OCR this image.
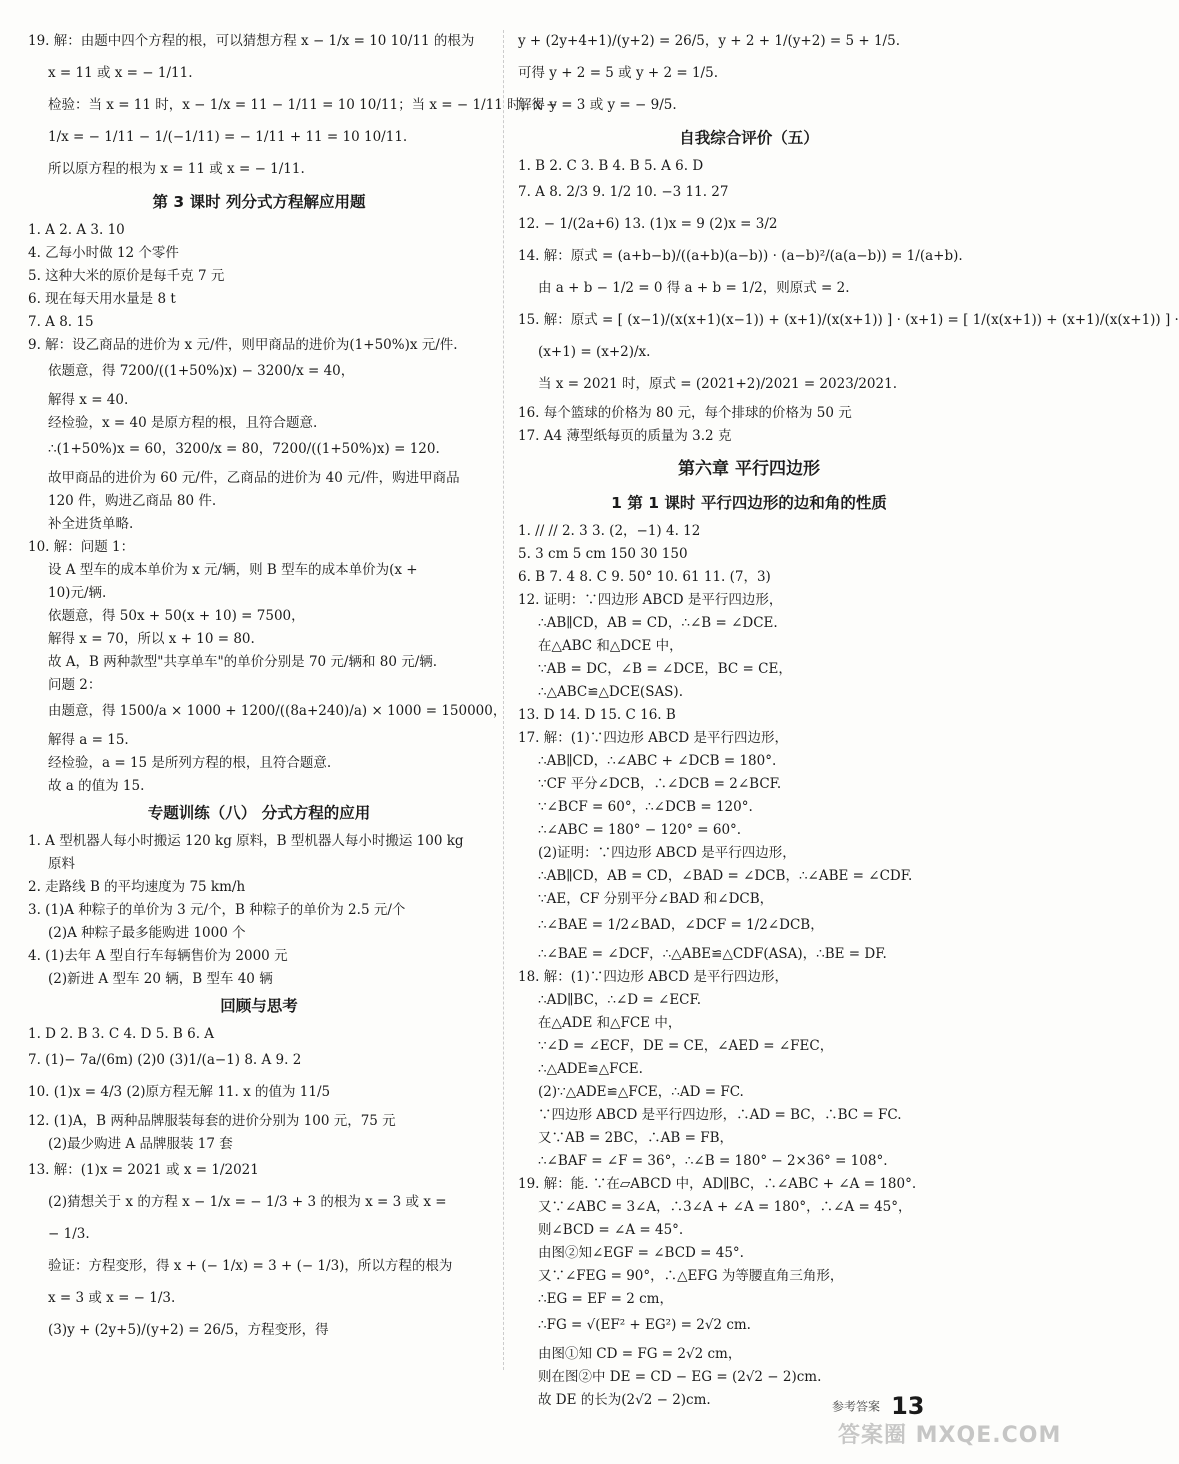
19. 解：由题中四个方程的根，可以猜想方程 x − 1/x = 10 10/11 的根为
x = 11 或 x = − 1/11.
检验：当 x = 11 时，x − 1/x = 11 − 1/11 = 10 10/11；当 x = − 1/11 时，x −
1/x = − 1/11 − 1/(−1/11) = − 1/11 + 11 = 10 10/11.
所以原方程的根为 x = 11 或 x = − 1/11.
第 3 课时 列分式方程解应用题
1. A 2. A 3. 10
4. 乙每小时做 12 个零件
5. 这种大米的原价是每千克 7 元
6. 现在每天用水量是 8 t
7. A 8. 15
9. 解：设乙商品的进价为 x 元/件，则甲商品的进价为(1+50%)x 元/件.
依题意，得 7200/((1+50%)x) − 3200/x = 40，
解得 x = 40.
经检验，x = 40 是原方程的根，且符合题意.
∴(1+50%)x = 60，3200/x = 80，7200/((1+50%)x) = 120.
故甲商品的进价为 60 元/件，乙商品的进价为 40 元/件，购进甲商品
120 件，购进乙商品 80 件.
补全进货单略.
10. 解：问题 1：
设 A 型车的成本单价为 x 元/辆，则 B 型车的成本单价为(x +
10)元/辆.
依题意，得 50x + 50(x + 10) = 7500，
解得 x = 70，所以 x + 10 = 80.
故 A，B 两种款型"共享单车"的单价分别是 70 元/辆和 80 元/辆.
问题 2：
由题意，得 1500/a × 1000 + 1200/((8a+240)/a) × 1000 = 150000，
解得 a = 15.
经检验，a = 15 是所列方程的根，且符合题意.
故 a 的值为 15.
专题训练（八） 分式方程的应用
1. A 型机器人每小时搬运 120 kg 原料，B 型机器人每小时搬运 100 kg
原料
2. 走路线 B 的平均速度为 75 km/h
3. (1)A 种粽子的单价为 3 元/个，B 种粽子的单价为 2.5 元/个
(2)A 种粽子最多能购进 1000 个
4. (1)去年 A 型自行车每辆售价为 2000 元
(2)新进 A 型车 20 辆，B 型车 40 辆
回顾与思考
1. D 2. B 3. C 4. D 5. B 6. A
7. (1)− 7a/(6m) (2)0 (3)1/(a−1) 8. A 9. 2
10. (1)x = 4/3 (2)原方程无解 11. x 的值为 11/5
12. (1)A，B 两种品牌服装每套的进价分别为 100 元，75 元
(2)最少购进 A 品牌服装 17 套
13. 解：(1)x = 2021 或 x = 1/2021
(2)猜想关于 x 的方程 x − 1/x = − 1/3 + 3 的根为 x = 3 或 x =
− 1/3.
验证：方程变形，得 x + (− 1/x) = 3 + (− 1/3)，所以方程的根为
x = 3 或 x = − 1/3.
(3)y + (2y+5)/(y+2) = 26/5，方程变形，得
y + (2y+4+1)/(y+2) = 26/5，y + 2 + 1/(y+2) = 5 + 1/5.
可得 y + 2 = 5 或 y + 2 = 1/5.
解得 y = 3 或 y = − 9/5.
自我综合评价（五）
1. B 2. C 3. B 4. B 5. A 6. D
7. A 8. 2/3 9. 1/2 10. −3 11. 27
12. − 1/(2a+6) 13. (1)x = 9 (2)x = 3/2
14. 解：原式 = (a+b−b)/((a+b)(a−b)) · (a−b)²/(a(a−b)) = 1/(a+b).
由 a + b − 1/2 = 0 得 a + b = 1/2，则原式 = 2.
15. 解：原式 = [ (x−1)/(x(x+1)(x−1)) + (x+1)/(x(x+1)) ] · (x+1) = [ 1/(x(x+1)) + (x+1)/(x(x+1)) ] ·
(x+1) = (x+2)/x.
当 x = 2021 时，原式 = (2021+2)/2021 = 2023/2021.
16. 每个篮球的价格为 80 元，每个排球的价格为 50 元
17. A4 薄型纸每页的质量为 3.2 克
第六章 平行四边形
1 第 1 课时 平行四边形的边和角的性质
1. // // 2. 3 3. (2，−1) 4. 12
5. 3 cm 5 cm 150 30 150
6. B 7. 4 8. C 9. 50° 10. 61 11. (7，3)
12. 证明：∵四边形 ABCD 是平行四边形，
∴AB∥CD，AB = CD，∴∠B = ∠DCE.
在△ABC 和△DCE 中，
∵AB = DC，∠B = ∠DCE，BC = CE，
∴△ABC≌△DCE(SAS).
13. D 14. D 15. C 16. B
17. 解：(1)∵四边形 ABCD 是平行四边形，
∴AB∥CD，∴∠ABC + ∠DCB = 180°.
∵CF 平分∠DCB，∴∠DCB = 2∠BCF.
∵∠BCF = 60°，∴∠DCB = 120°.
∴∠ABC = 180° − 120° = 60°.
(2)证明：∵四边形 ABCD 是平行四边形，
∴AB∥CD，AB = CD，∠BAD = ∠DCB，∴∠ABE = ∠CDF.
∵AE，CF 分别平分∠BAD 和∠DCB，
∴∠BAE = 1/2∠BAD，∠DCF = 1/2∠DCB，
∴∠BAE = ∠DCF，∴△ABE≌△CDF(ASA)，∴BE = DF.
18. 解：(1)∵四边形 ABCD 是平行四边形，
∴AD∥BC，∴∠D = ∠ECF.
在△ADE 和△FCE 中，
∵∠D = ∠ECF，DE = CE，∠AED = ∠FEC，
∴△ADE≌△FCE.
(2)∵△ADE≌△FCE，∴AD = FC.
∵四边形 ABCD 是平行四边形，∴AD = BC，∴BC = FC.
又∵AB = 2BC，∴AB = FB，
∴∠BAF = ∠F = 36°，∴∠B = 180° − 2×36° = 108°.
19. 解：能. ∵在▱ABCD 中，AD∥BC，∴∠ABC + ∠A = 180°.
又∵∠ABC = 3∠A，∴3∠A + ∠A = 180°，∴∠A = 45°，
则∠BCD = ∠A = 45°.
由图②知∠EGF = ∠BCD = 45°.
又∵∠FEG = 90°，∴△EFG 为等腰直角三角形，
∴EG = EF = 2 cm，
∴FG = √(EF² + EG²) = 2√2 cm.
由图①知 CD = FG = 2√2 cm，
则在图②中 DE = CD − EG = (2√2 − 2)cm.
故 DE 的长为(2√2 − 2)cm.	参考答案 13
答案圈 MXQE.COM
